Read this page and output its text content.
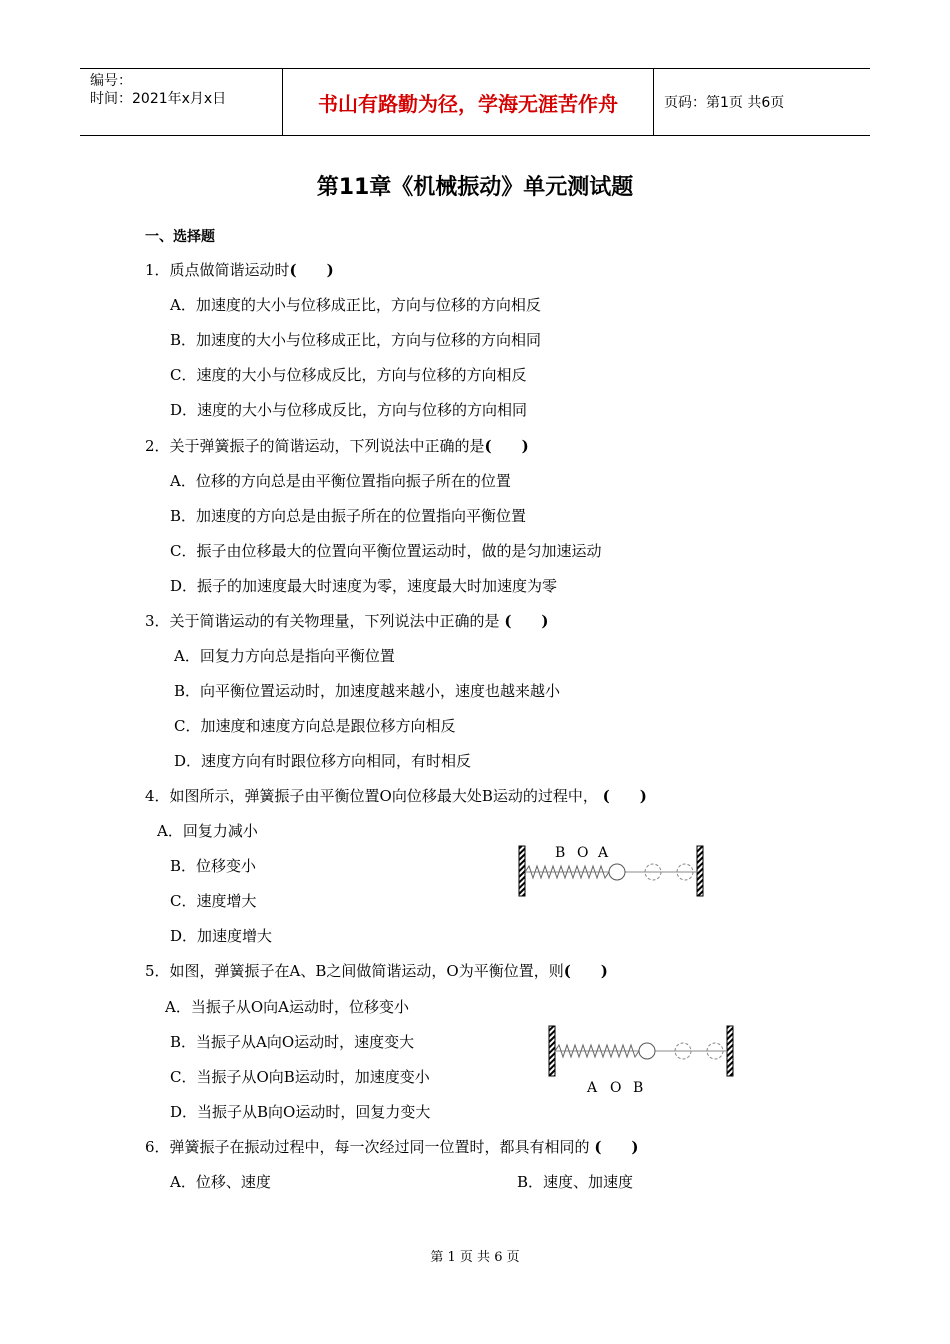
编号：
时间：2021年x月x日	书山有路勤为径，学海无涯苦作舟	页码：第1页 共6页
第11章《机械振动》单元测试题
一、选择题
1．质点做简谐运动时(　　)
A．加速度的大小与位移成正比，方向与位移的方向相反
B．加速度的大小与位移成正比，方向与位移的方向相同
C．速度的大小与位移成反比，方向与位移的方向相反
D．速度的大小与位移成反比，方向与位移的方向相同
2．关于弹簧振子的简谐运动，下列说法中正确的是(　　)
A．位移的方向总是由平衡位置指向振子所在的位置
B．加速度的方向总是由振子所在的位置指向平衡位置
C．振子由位移最大的位置向平衡位置运动时，做的是匀加速运动
D．振子的加速度最大时速度为零，速度最大时加速度为零
3．关于简谐运动的有关物理量，下列说法中正确的是 (　　)
A．回复力方向总是指向平衡位置
B．向平衡位置运动时，加速度越来越小，速度也越来越小
C．加速度和速度方向总是跟位移方向相反
D．速度方向有时跟位移方向相同，有时相反
4．如图所示，弹簧振子由平衡位置O向位移最大处B运动的过程中， (　　)
A．回复力减小
B．位移变小
C．速度增大
D．加速度增大
B O A
5．如图，弹簧振子在A、B之间做简谐运动，O为平衡位置，则(　　)
A．当振子从O向A运动时，位移变小
B．当振子从A向O运动时，速度变大
C．当振子从O向B运动时，加速度变小
D．当振子从B向O运动时，回复力变大
A O B
6．弹簧振子在振动过程中，每一次经过同一位置时，都具有相同的 (　　)
A．位移、速度	B．速度、加速度
第 1 页 共 6 页
